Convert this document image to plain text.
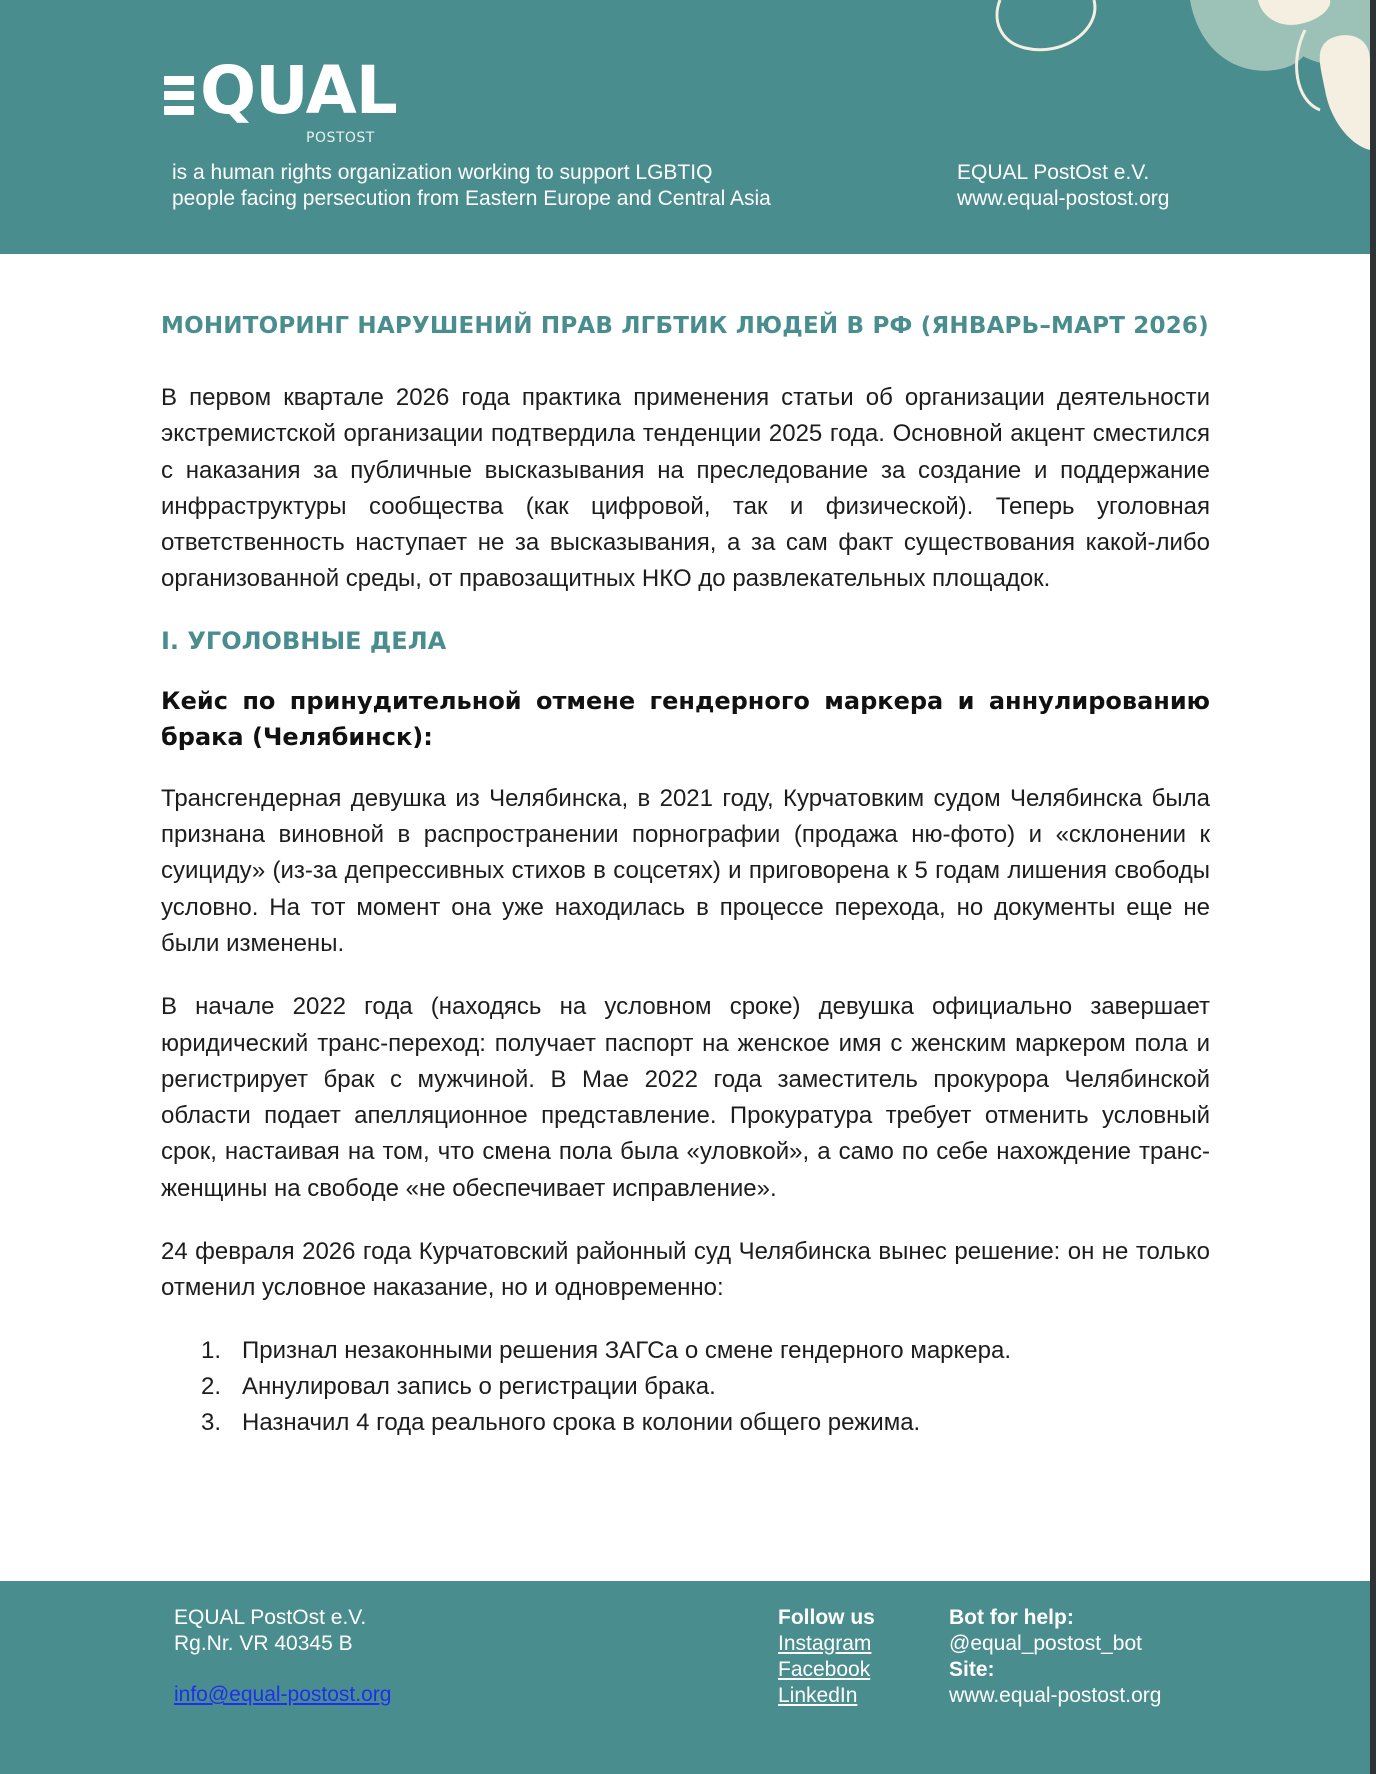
QUAL
POSTOST
is a human rights organization working to support LGBTIQ
people facing persecution from Eastern Europe and Central Asia
EQUAL PostOst e.V.
www.equal-postost.org
МОНИТОРИНГ НАРУШЕНИЙ ПРАВ ЛГБТИК ЛЮДЕЙ В РФ (ЯНВАРЬ–МАРТ 2026)

В первом квартале 2026 года практика применения статьи об организации деятельности экстремистской организации подтвердила тенденции 2025 года. Основной акцент сместился с наказания за публичные высказывания на преследование за создание и поддержание инфраструктуры сообщества (как цифровой, так и физической). Теперь уголовная ответственность наступает не за высказывания, а за сам факт существования какой-либо организованной среды, от правозащитных НКО до развлекательных площадок.

I. УГОЛОВНЫЕ ДЕЛА

Кейс по принудительной отмене гендерного маркера и аннулированию брака (Челябинск):

Трансгендерная девушка из Челябинска, в 2021 году, Курчатовким судом Челябинска была признана виновной в распространении порнографии (продажа ню-фото) и «склонении к суициду» (из-за депрессивных стихов в соцсетях) и приговорена к 5 годам лишения свободы условно. На тот момент она уже находилась в процессе перехода, но документы еще не были изменены.

В начале 2022 года (находясь на условном сроке) девушка официально завершает юридический транс-переход: получает паспорт на женское имя с женским маркером пола и регистрирует брак с мужчиной. В Мае 2022 года заместитель прокурора Челябинской области подает апелляционное представление. Прокуратура требует отменить условный срок, настаивая на том, что смена пола была «уловкой», а само по себе нахождение транс-женщины на свободе «не обеспечивает исправление».

24 февраля 2026 года Курчатовский районный суд Челябинска вынес решение: он не только отменил условное наказание, но и одновременно:

1. Признал незаконными решения ЗАГСа о смене гендерного маркера.
2. Аннулировал запись о регистрации брака.
3. Назначил 4 года реального срока в колонии общего режима.
EQUAL PostOst e.V.
Rg.Nr. VR 40345 B
info@equal-postost.org
Follow us
Instagram
Facebook
LinkedIn
Bot for help:
@equal_postost_bot
Site:
www.equal-postost.org
